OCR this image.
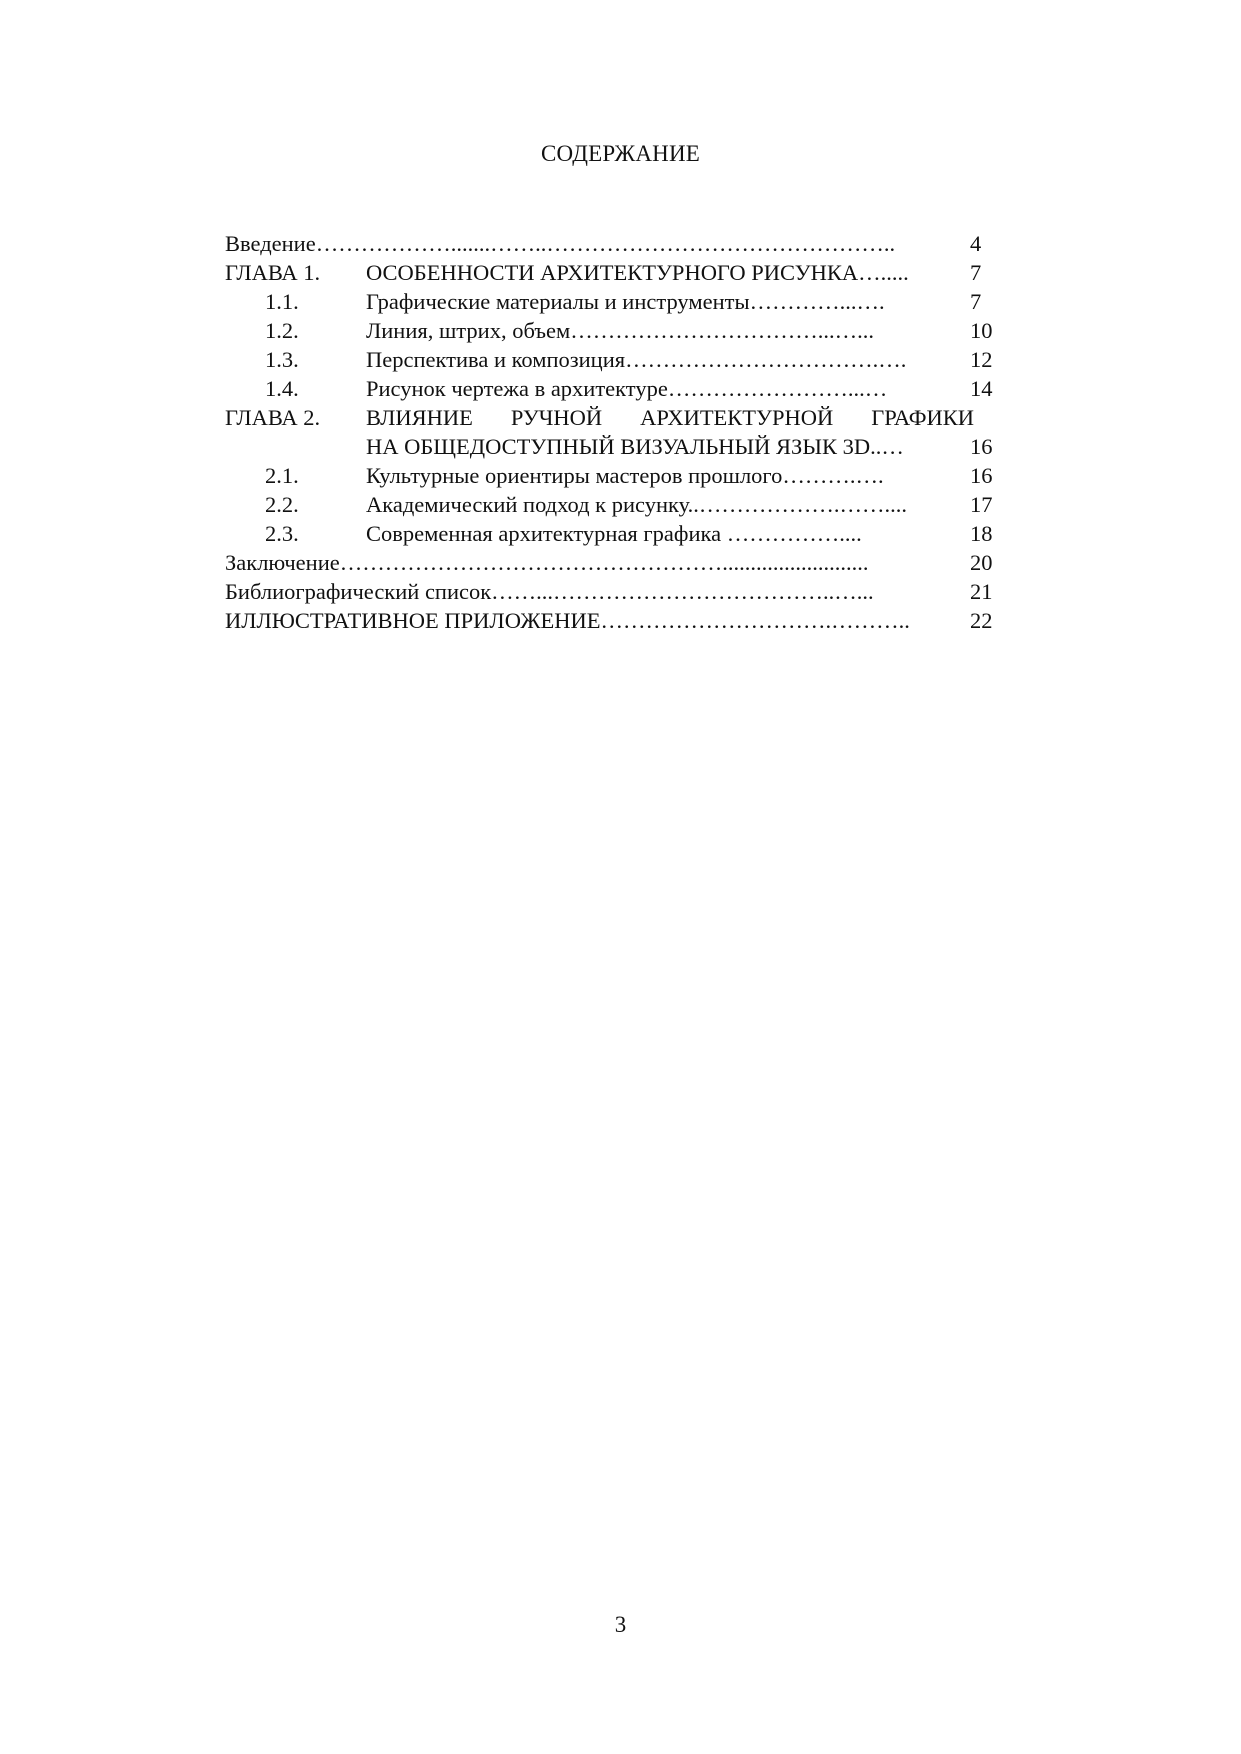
СОДЕРЖАНИЕ
Введение……………….......……..………………………………………..	4
ГЛАВА 1. ОСОБЕННОСТИ АРХИТЕКТУРНОГО РИСУНКА….....	7
1.1.	Графические материалы и инструменты…………...….	7
1.2.	Линия, штрих, объем……………………………...…...	10
1.3.	Перспектива и композиция…………………………….….	12
1.4.	Рисунок чертежа в архитектуре……………………...…	14
ГЛАВА 2. ВЛИЯНИЕ РУЧНОЙ АРХИТЕКТУРНОЙ ГРАФИКИ
НА ОБЩЕДОСТУПНЫЙ ВИЗУАЛЬНЫЙ ЯЗЫК 3D..…	16
2.1.	Культурные ориентиры мастеров прошлого……….….	16
2.2.	Академический подход к рисунку..……………….……....	17
2.3.	Современная архитектурная графика ……………....	18
Заключение……………………………………………..........................	20
Библиографический список……...………………………………..…...	21
ИЛЛЮСТРАТИВНОЕ ПРИЛОЖЕНИЕ………………………….………..	22
3
